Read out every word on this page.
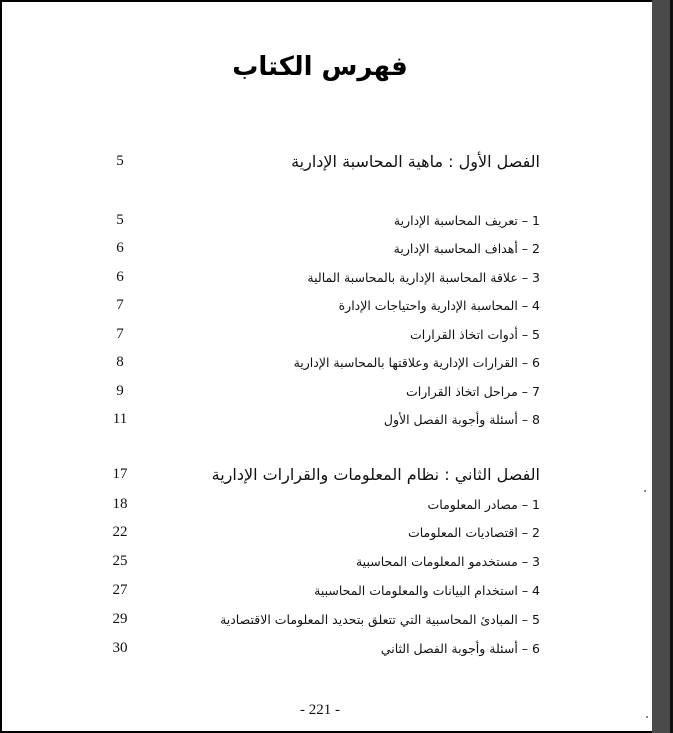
فهرس الكتاب
5	الفصل الأول : ماهية المحاسبة الإدارية
5	1 – تعريف المحاسبة الإدارية
6	2 – أهداف المحاسبة الإدارية
6	3 – علاقة المحاسبة الإدارية بالمحاسبة المالية
7	4 – المحاسبة الإدارية واحتياجات الإدارة
7	5 – أدوات اتخاذ القرارات
8	6 – القرارات الإدارية وعلاقتها بالمحاسبة الإدارية
9	7 – مراحل اتخاذ القرارات
11	8 – أسئلة وأجوبة الفصل الأول
17	الفصل الثاني : نظام المعلومات والقرارات الإدارية
18	1 – مصادر المعلومات
22	2 – اقتصاديات المعلومات
25	3 – مستخدمو المعلومات المحاسبية
27	4 – استخدام البيانات والمعلومات المحاسبية
29	5 – المبادئ المحاسبية التي تتعلق بتحديد المعلومات الاقتصادية
30	6 – أسئلة وأجوبة الفصل الثاني
- 221 -
